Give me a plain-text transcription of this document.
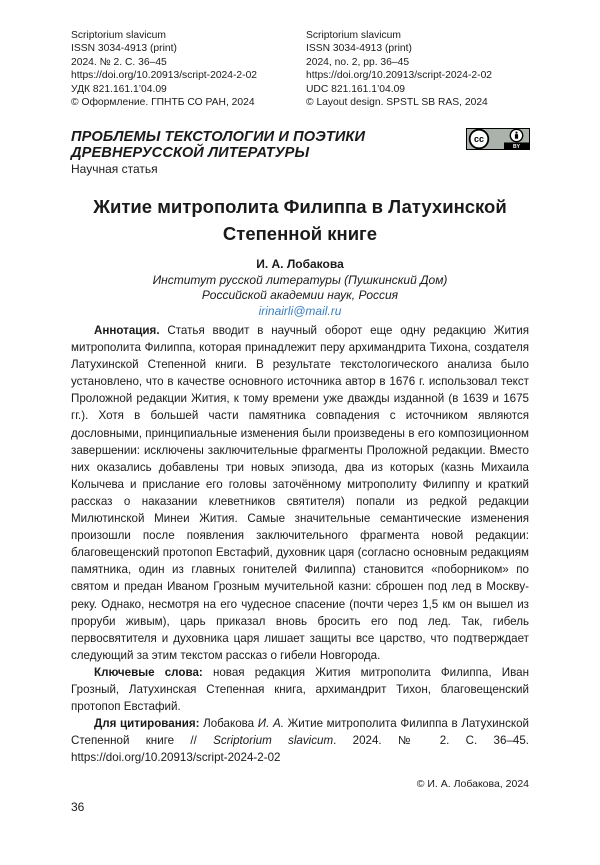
Scriptorium slavicum
ISSN 3034-4913 (print)
2024. № 2. С. 36–45
https://doi.org/10.20913/script-2024-2-02
УДК 821.161.1’04.09
© Оформление. ГПНТБ СО РАН, 2024
Scriptorium slavicum
ISSN 3034-4913 (print)
2024, no. 2, pp. 36–45
https://doi.org/10.20913/script-2024-2-02
UDC 821.161.1’04.09
© Layout design. SPSTL SB RAS, 2024
ПРОБЛЕМЫ ТЕКСТОЛОГИИ И ПОЭТИКИ
ДРЕВНЕРУССКОЙ ЛИТЕРАТУРЫ
Научная статья
BY
cc
Житие митрополита Филиппа в Латухинской
Степенной книге
И. А. Лобакова
Институт русской литературы (Пушкинский Дом)
Российской академии наук, Россия
irinairli@mail.ru

Аннотация. Статья вводит в научный оборот еще одну редакцию Жития митрополита Филиппа, которая принадлежит перу архимандрита Тихона, создателя Латухинской Степенной книги. В результате текстологического анализа было установлено, что в качестве основного источника автор в 1676 г. использовал текст Проложной редакции Жития, к тому времени уже дважды изданной (в 1639 и 1675 гг.). Хотя в большей части памятника совпадения с источником являются дословными, принципиальные изменения были произведены в его композиционном завершении: исключены заключительные фрагменты Проложной редакции. Вместо них оказались добавлены три новых эпизода, два из которых (казнь Михаила Колычева и присланиe его головы заточённому митрополиту Филиппу и краткий рассказ о наказании клеветников святителя) попали из редкой редакции Милютинской Минеи Жития. Самые значительные семантические изменения произошли после появления заключительного фрагмента новой редакции: благовещенский протопоп Евстафий, духовник царя (согласно основным редакциям памятника, один из главных гонителей Филиппа) становится «поборником» по святом и предан Иваном Грозным мучительной казни: сброшен под лед в Москву-реку. Однако, несмотря на его чудесное спасение (почти через 1,5 км он вышел из проруби живым), царь приказал вновь бросить его под лед. Так, гибель первосвятителя и духовника царя лишает защиты все царство, что подтверждает следующий за этим текстом рассказ о гибели Новгорода.

Ключевые слова: новая редакция Жития митрополита Филиппа, Иван Грозный, Латухинская Степенная книга, архимандрит Тихон, благовещенский протопоп Евстафий.

Для цитирования: Лобакова И. А. Житие митрополита Филиппа в Латухинской Степенной книге // Scriptorium slavicum. 2024. № 2. С. 36–45. https://doi.org/10.20913/script-2024-2-02

© И. А. Лобакова, 2024
36
